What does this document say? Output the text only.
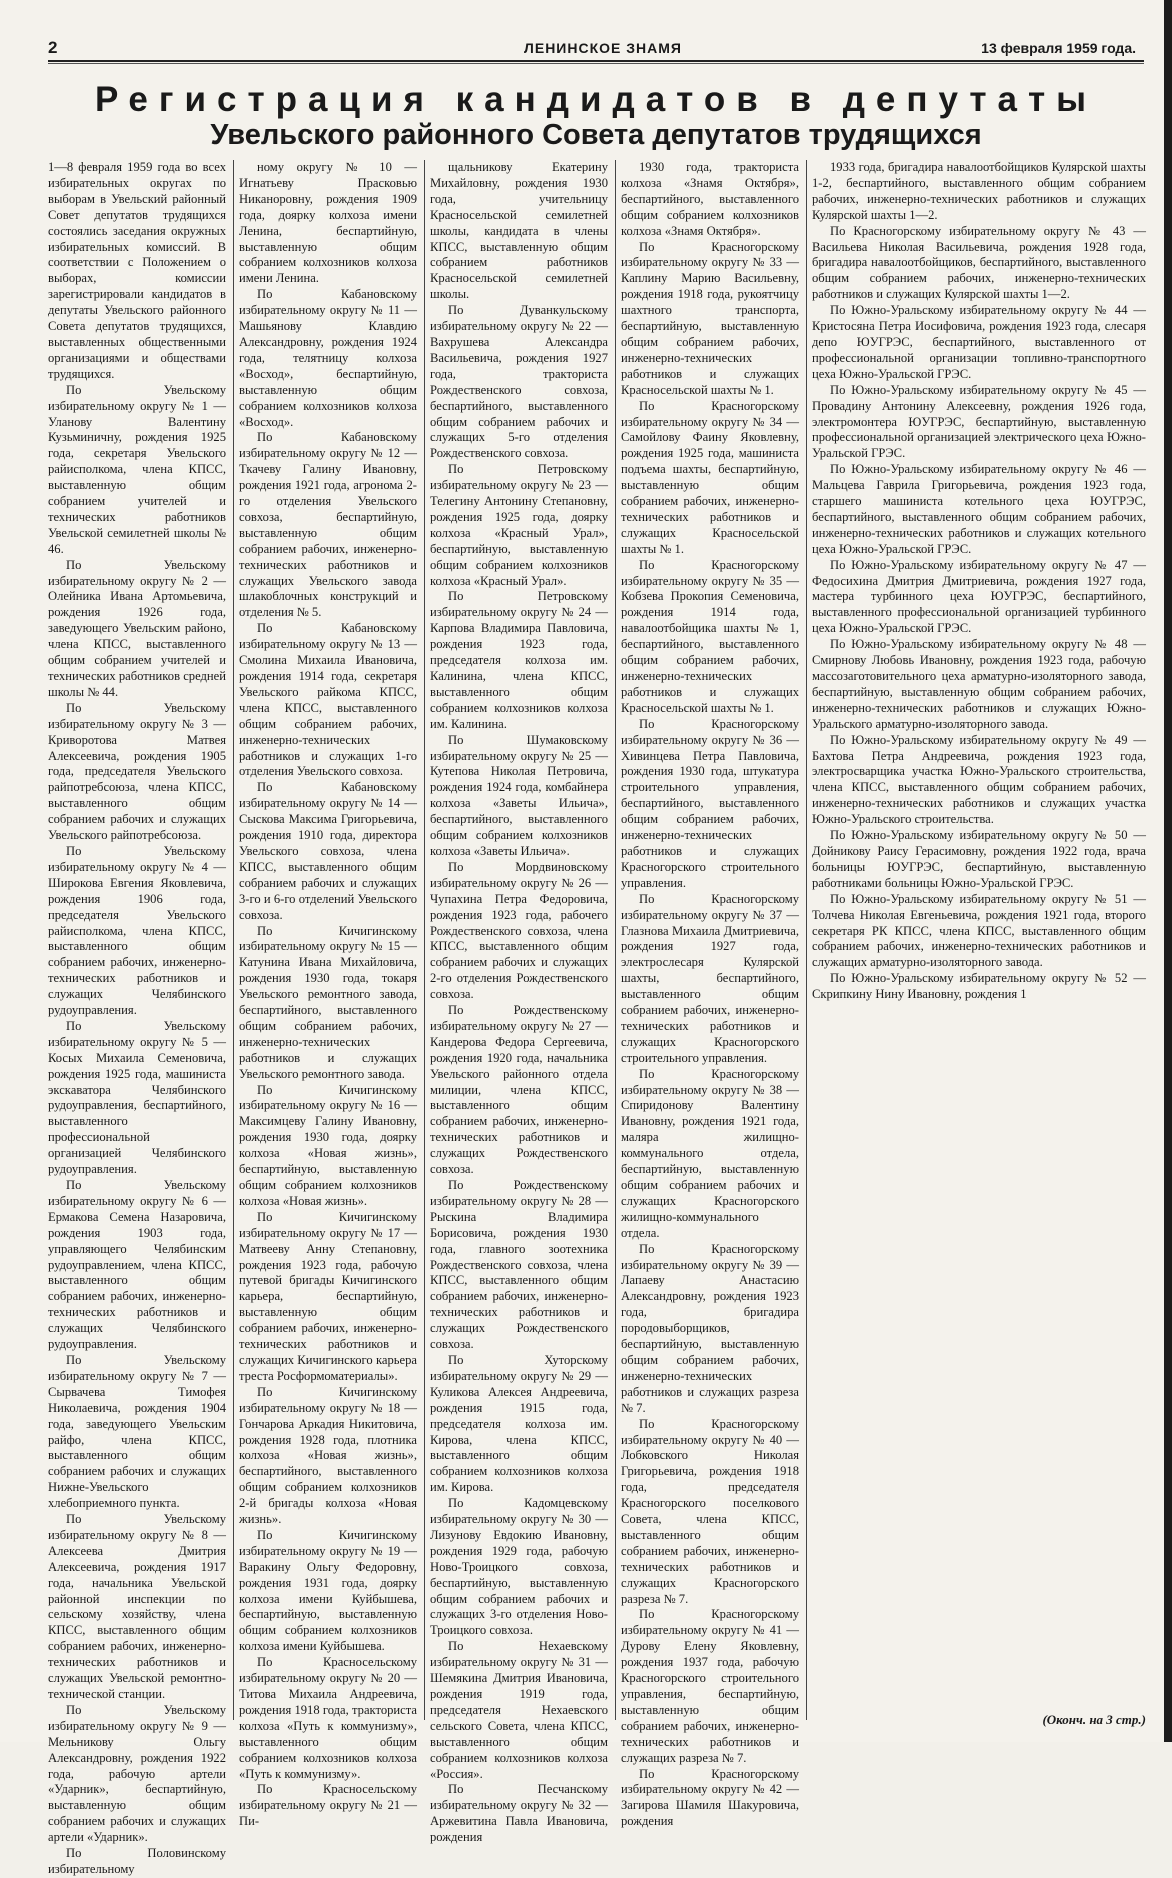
2	ЛЕНИНСКОЕ ЗНАМЯ	13 февраля 1959 года.
Регистрация кандидатов в депутаты
Увельского районного Совета депутатов трудящихся

1—8 февраля 1959 года во всех избирательных округах по выборам в Увельский районный Совет депутатов трудящихся состоялись заседания окружных избирательных комиссий. В соответствии с Положением о выборах, комиссии зарегистрировали кандидатов в депутаты Увельского районного Совета депутатов трудящихся, выставленных общественными организациями и обществами трудящихся.

По Увельскому избирательному округу № 1 — Уланову Валентину Кузьминичну, рождения 1925 года, секретаря Увельского райисполкома, члена КПСС, выставленную общим собранием учителей и технических работников Увельской семилетней школы № 46.

По Увельскому избирательному округу № 2 — Олейника Ивана Артомьевича, рождения 1926 года, заведующего Увельским районо, члена КПСС, выставленного общим собранием учителей и технических работников средней школы № 44.

По Увельскому избирательному округу № 3 — Криворотова Матвея Алексеевича, рождения 1905 года, председателя Увельского райпотребсоюза, члена КПСС, выставленного общим собранием рабочих и служащих Увельского райпотребсоюза.

По Увельскому избирательному округу № 4 — Широкова Евгения Яковлевича, рождения 1906 года, председателя Увельского райисполкома, члена КПСС, выставленного общим собранием рабочих, инженерно-технических работников и служащих Челябинского рудоуправления.

По Увельскому избирательному округу № 5 — Косых Михаила Семеновича, рождения 1925 года, машиниста экскаватора Челябинского рудоуправления, беспартийного, выставленного профессиональной организацией Челябинского рудоуправления.

По Увельскому избирательному округу № 6 — Ермакова Семена Назаровича, рождения 1903 года, управляющего Челябинским рудоуправлением, члена КПСС, выставленного общим собранием рабочих, инженерно-технических работников и служащих Челябинского рудоуправления.

По Увельскому избирательному округу № 7 — Сырвачева Тимофея Николаевича, рождения 1904 года, заведующего Увельским райфо, члена КПСС, выставленного общим собранием рабочих и служащих Нижне-Увельского хлебоприемного пункта.

По Увельскому избирательному округу № 8 — Алексеева Дмитрия Алексеевича, рождения 1917 года, начальника Увельской районной инспекции по сельскому хозяйству, члена КПСС, выставленного общим собранием рабочих, инженерно-технических работников и служащих Увельской ремонтно-технической станции.

По Увельскому избирательному округу № 9 — Мельникову Ольгу Александровну, рождения 1922 года, рабочую артели «Ударник», беспартийную, выставленную общим собранием рабочих и служащих артели «Ударник».

По Половинскому избирательному

ному округу № 10 — Игнатьеву Прасковью Никаноровну, рождения 1909 года, доярку колхоза имени Ленина, беспартийную, выставленную общим собранием колхозников колхоза имени Ленина.

По Кабановскому избирательному округу № 11 — Машьянову Клавдию Александровну, рождения 1924 года, телятницу колхоза «Восход», беспартийную, выставленную общим собранием колхозников колхоза «Восход».

По Кабановскому избирательному округу № 12 — Ткачеву Галину Ивановну, рождения 1921 года, агронома 2-го отделения Увельского совхоза, беспартийную, выставленную общим собранием рабочих, инженерно-технических работников и служащих Увельского завода шлакоблочных конструкций и отделения № 5.

По Кабановскому избирательному округу № 13 — Смолина Михаила Ивановича, рождения 1914 года, секретаря Увельского райкома КПСС, члена КПСС, выставленного общим собранием рабочих, инженерно-технических работников и служащих 1-го отделения Увельского совхоза.

По Кабановскому избирательному округу № 14 — Сыскова Максима Григорьевича, рождения 1910 года, директора Увельского совхоза, члена КПСС, выставленного общим собранием рабочих и служащих 3-го и 6-го отделений Увельского совхоза.

По Кичигинскому избирательному округу № 15 — Катунина Ивана Михайловича, рождения 1930 года, токаря Увельского ремонтного завода, беспартийного, выставленного общим собранием рабочих, инженерно-технических работников и служащих Увельского ремонтного завода.

По Кичигинскому избирательному округу № 16 — Максимцеву Галину Ивановну, рождения 1930 года, доярку колхоза «Новая жизнь», беспартийную, выставленную общим собранием колхозников колхоза «Новая жизнь».

По Кичигинскому избирательному округу № 17 — Матвееву Анну Степановну, рождения 1923 года, рабочую путевой бригады Кичигинского карьера, беспартийную, выставленную общим собранием рабочих, инженерно-технических работников и служащих Кичигинского карьера треста Росформоматериалы».

По Кичигинскому избирательному округу № 18 — Гончарова Аркадия Никитовича, рождения 1928 года, плотника колхоза «Новая жизнь», беспартийного, выставленного общим собранием колхозников 2-й бригады колхоза «Новая жизнь».

По Кичигинскому избирательному округу № 19 — Варакину Ольгу Федоровну, рождения 1931 года, доярку колхоза имени Куйбышева, беспартийную, выставленную общим собранием колхозников колхоза имени Куйбышева.

По Красносельскому избирательному округу № 20 — Титова Михаила Андреевича, рождения 1918 года, тракториста колхоза «Путь к коммунизму», выставленного общим собранием колхозников колхоза «Путь к коммунизму».

По Красносельскому избирательному округу № 21 — Пи-

щальникову Екатерину Михайловну, рождения 1930 года, учительницу Красносельской семилетней школы, кандидата в члены КПСС, выставленную общим собранием работников Красносельской семилетней школы.

По Дуванкульскому избирательному округу № 22 — Вахрушева Александра Васильевича, рождения 1927 года, тракториста Рождественского совхоза, беспартийного, выставленного общим собранием рабочих и служащих 5-го отделения Рождественского совхоза.

По Петровскому избирательному округу № 23 — Телегину Антонину Степановну, рождения 1925 года, доярку колхоза «Красный Урал», беспартийную, выставленную общим собранием колхозников колхоза «Красный Урал».

По Петровскому избирательному округу № 24 — Карпова Владимира Павловича, рождения 1923 года, председателя колхоза им. Калинина, члена КПСС, выставленного общим собранием колхозников колхоза им. Калинина.

По Шумаковскому избирательному округу № 25 — Кутепова Николая Петровича, рождения 1924 года, комбайнера колхоза «Заветы Ильича», беспартийного, выставленного общим собранием колхозников колхоза «Заветы Ильича».

По Мордвиновскому избирательному округу № 26 — Чупахина Петра Федоровича, рождения 1923 года, рабочего Рождественского совхоза, члена КПСС, выставленного общим собранием рабочих и служащих 2-го отделения Рождественского совхоза.

По Рождественскому избирательному округу № 27 — Кандерова Федора Сергеевича, рождения 1920 года, начальника Увельского районного отдела милиции, члена КПСС, выставленного общим собранием рабочих, инженерно-технических работников и служащих Рождественского совхоза.

По Рождественскому избирательному округу № 28 — Рыскина Владимира Борисовича, рождения 1930 года, главного зоотехника Рождественского совхоза, члена КПСС, выставленного общим собранием рабочих, инженерно-технических работников и служащих Рождественского совхоза.

По Хуторскому избирательному округу № 29 — Куликова Алексея Андреевича, рождения 1915 года, председателя колхоза им. Кирова, члена КПСС, выставленного общим собранием колхозников колхоза им. Кирова.

По Кадомцевскому избирательному округу № 30 — Лизунову Евдокию Ивановну, рождения 1929 года, рабочую Ново-Троицкого совхоза, беспартийную, выставленную общим собранием рабочих и служащих 3-го отделения Ново-Троицкого совхоза.

По Нехаевскому избирательному округу № 31 — Шемякина Дмитрия Ивановича, рождения 1919 года, председателя Нехаевского сельского Совета, члена КПСС, выставленного общим собранием колхозников колхоза «Россия».

По Песчанскому избирательному округу № 32 — Аржевитина Павла Ивановича, рождения

1930 года, тракториста колхоза «Знамя Октября», беспартийного, выставленного общим собранием колхозников колхоза «Знамя Октября».

По Красногорскому избирательному округу № 33 — Каплину Марию Васильевну, рождения 1918 года, рукоятчицу шахтного транспорта, беспартийную, выставленную общим собранием рабочих, инженерно-технических работников и служащих Красносельской шахты № 1.

По Красногорскому избирательному округу № 34 — Самойлову Фаину Яковлевну, рождения 1925 года, машиниста подъема шахты, беспартийную, выставленную общим собранием рабочих, инженерно-технических работников и служащих Красносельской шахты № 1.

По Красногорскому избирательному округу № 35 — Кобзева Прокопия Семеновича, рождения 1914 года, навалоотбойщика шахты № 1, беспартийного, выставленного общим собранием рабочих, инженерно-технических работников и служащих Красносельской шахты № 1.

По Красногорскому избирательному округу № 36 — Хивинцева Петра Павловича, рождения 1930 года, штукатура строительного управления, беспартийного, выставленного общим собранием рабочих, инженерно-технических работников и служащих Красногорского строительного управления.

По Красногорскому избирательному округу № 37 — Глазнова Михаила Дмитриевича, рождения 1927 года, электрослесаря Кулярской шахты, беспартийного, выставленного общим собранием рабочих, инженерно-технических работников и служащих Красногорского строительного управления.

По Красногорскому избирательному округу № 38 — Спиридонову Валентину Ивановну, рождения 1921 года, маляра жилищно-коммунального отдела, беспартийную, выставленную общим собранием рабочих и служащих Красногорского жилищно-коммунального отдела.

По Красногорскому избирательному округу № 39 — Лапаеву Анастасию Александровну, рождения 1923 года, бригадира породовыборщиков, беспартийную, выставленную общим собранием рабочих, инженерно-технических работников и служащих разреза № 7.

По Красногорскому избирательному округу № 40 — Лобковского Николая Григорьевича, рождения 1918 года, председателя Красногорского поселкового Совета, члена КПСС, выставленного общим собранием рабочих, инженерно-технических работников и служащих Красногорского разреза № 7.

По Красногорскому избирательному округу № 41 — Дурову Елену Яковлевну, рождения 1937 года, рабочую Красногорского строительного управления, беспартийную, выставленную общим собранием рабочих, инженерно-технических работников и служащих разреза № 7.

По Красногорскому избирательному округу № 42 — Загирова Шамиля Шакуровича, рождения

1933 года, бригадира навалоотбойщиков Кулярской шахты 1-2, беспартийного, выставленного общим собранием рабочих, инженерно-технических работников и служащих Кулярской шахты 1—2.

По Красногорскому избирательному округу № 43 — Васильева Николая Васильевича, рождения 1928 года, бригадира навалоотбойщиков, беспартийного, выставленного общим собранием рабочих, инженерно-технических работников и служащих Кулярской шахты 1—2.

По Южно-Уральскому избирательному округу № 44 — Кристосяна Петра Иосифовича, рождения 1923 года, слесаря депо ЮУГРЭС, беспартийного, выставленного от профессиональной организации топливно-транспортного цеха Южно-Уральской ГРЭС.

По Южно-Уральскому избирательному округу № 45 — Провадину Антонину Алексеевну, рождения 1926 года, электромонтера ЮУГРЭС, беспартийную, выставленную профессиональной организацией электрического цеха Южно-Уральской ГРЭС.

По Южно-Уральскому избирательному округу № 46 — Мальцева Гаврила Григорьевича, рождения 1923 года, старшего машиниста котельного цеха ЮУГРЭС, беспартийного, выставленного общим собранием рабочих, инженерно-технических работников и служащих котельного цеха Южно-Уральской ГРЭС.

По Южно-Уральскому избирательному округу № 47 — Федосихина Дмитрия Дмитриевича, рождения 1927 года, мастера турбинного цеха ЮУГРЭС, беспартийного, выставленного профессиональной организацией турбинного цеха Южно-Уральской ГРЭС.

По Южно-Уральскому избирательному округу № 48 — Смирнову Любовь Ивановну, рождения 1923 года, рабочую массозаготовительного цеха арматурно-изоляторного завода, беспартийную, выставленную общим собранием рабочих, инженерно-технических работников и служащих Южно-Уральского арматурно-изоляторного завода.

По Южно-Уральскому избирательному округу № 49 — Бахтова Петра Андреевича, рождения 1923 года, электросварщика участка Южно-Уральского строительства, члена КПСС, выставленного общим собранием рабочих, инженерно-технических работников и служащих участка Южно-Уральского строительства.

По Южно-Уральскому избирательному округу № 50 — Дойникову Раису Герасимовну, рождения 1922 года, врача больницы ЮУГРЭС, беспартийную, выставленную работниками больницы Южно-Уральской ГРЭС.

По Южно-Уральскому избирательному округу № 51 — Толчева Николая Евгеньевича, рождения 1921 года, второго секретаря РК КПСС, члена КПСС, выставленного общим собранием рабочих, инженерно-технических работников и служащих арматурно-изоляторного завода.

По Южно-Уральскому избирательному округу № 52 — Скрипкину Нину Ивановну, рождения 1

(Оконч. на 3 стр.)
